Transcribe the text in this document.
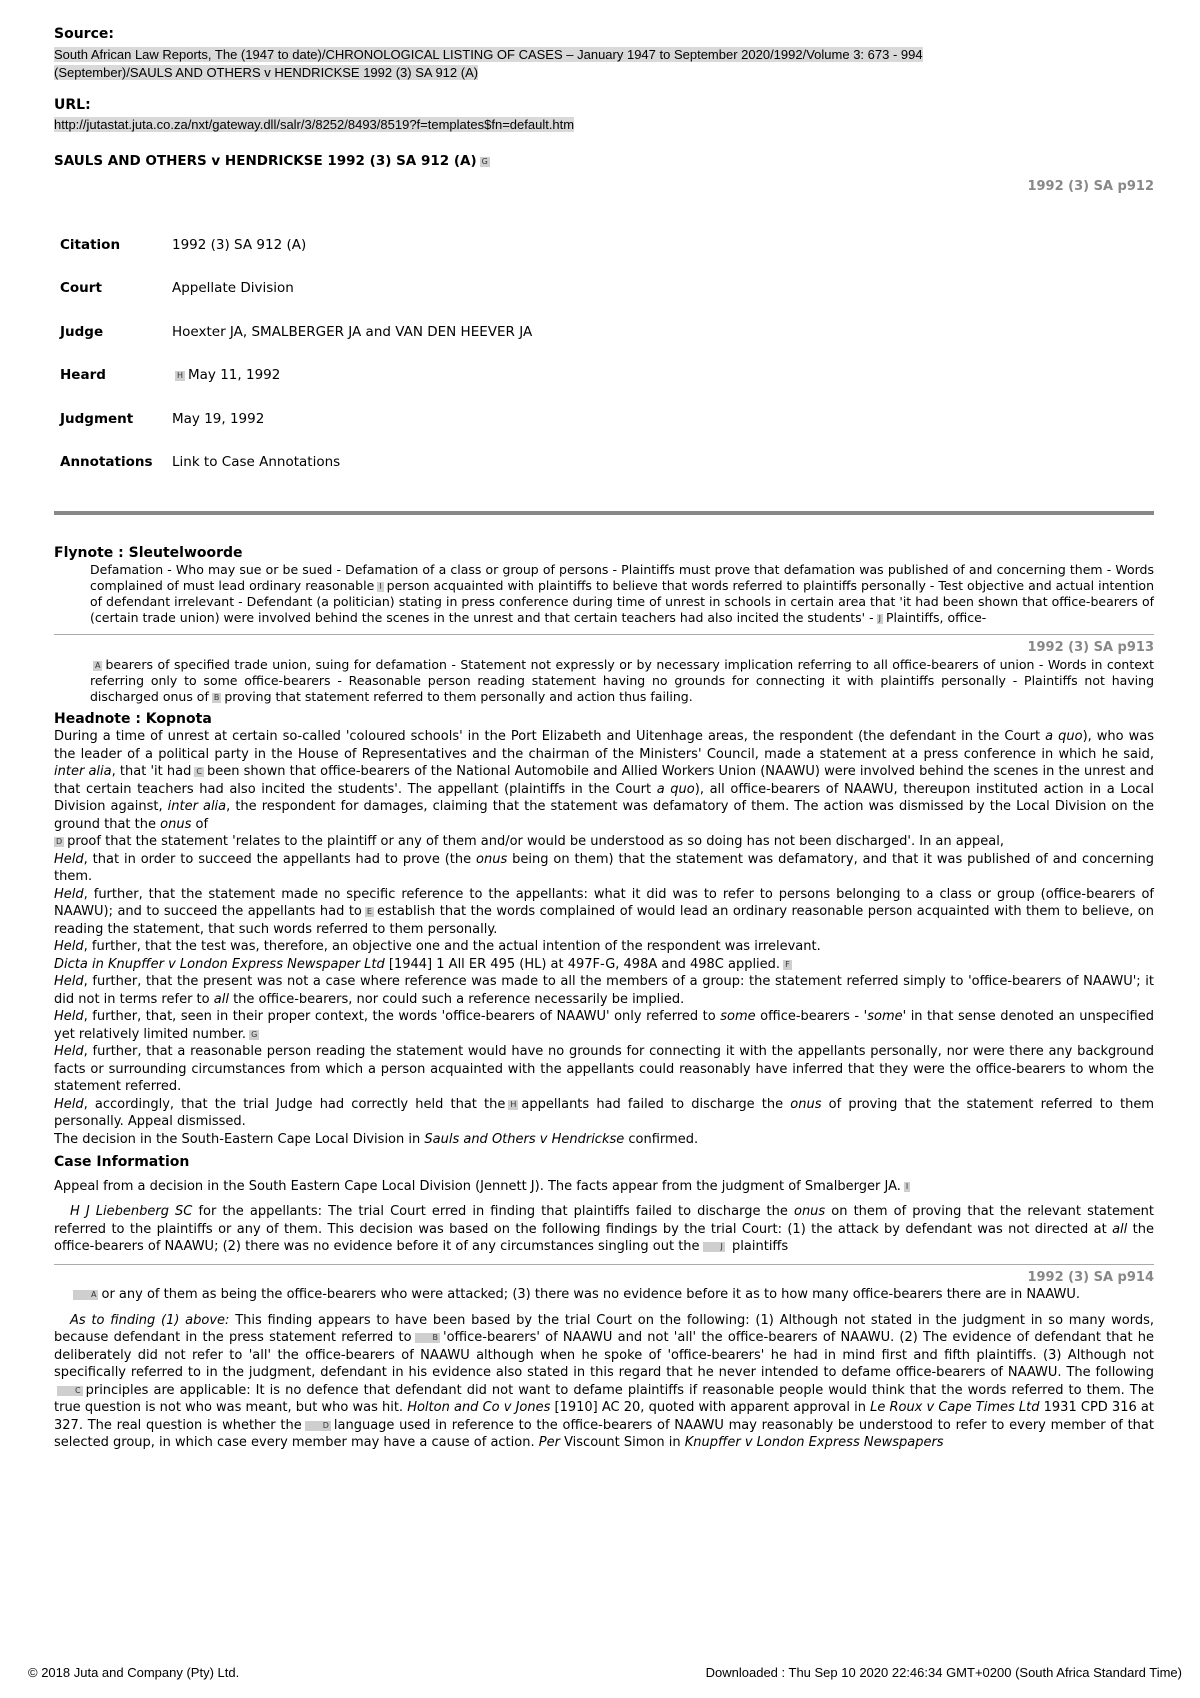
Source:

South African Law Reports, The (1947 to date)/CHRONOLOGICAL LISTING OF CASES – January 1947 to September 2020/1992/Volume 3: 673 - 994
(September)/SAULS AND OTHERS v HENDRICKSE 1992 (3) SA 912 (A)

URL:

http://jutastat.juta.co.za/nxt/gateway.dll/salr/3/8252/8493/8519?f=templates$fn=default.htm
SAULS AND OTHERS v HENDRICKSE 1992 (3) SA 912 (A) G
1992 (3) SA p912
Citation	1992 (3) SA 912 (A)
Court	Appellate Division
Judge	Hoexter JA, SMALBERGER JA and VAN DEN HEEVER JA
Heard	H May 11, 1992
Judgment	May 19, 1992
Annotations	Link to Case Annotations

Flynote : Sleutelwoorde

Defamation - Who may sue or be sued - Defamation of a class or group of persons - Plaintiffs must prove that defamation was published of and concerning them - Words complained of must lead ordinary reasonable I person acquainted with plaintiffs to believe that words referred to plaintiffs personally - Test objective and actual intention of defendant irrelevant - Defendant (a politician) stating in press conference during time of unrest in schools in certain area that 'it had been shown that office-bearers of (certain trade union) were involved behind the scenes in the unrest and that certain teachers had also incited the students' - J Plaintiffs, office-
1992 (3) SA p913
A bearers of specified trade union, suing for defamation - Statement not expressly or by necessary implication referring to all office-bearers of union - Words in context referring only to some office-bearers - Reasonable person reading statement having no grounds for connecting it with plaintiffs personally - Plaintiffs not having discharged onus of B proving that statement referred to them personally and action thus failing.

Headnote : Kopnota

During a time of unrest at certain so-called 'coloured schools' in the Port Elizabeth and Uitenhage areas, the respondent (the defendant in the Court a quo), who was the leader of a political party in the House of Representatives and the chairman of the Ministers' Council, made a statement at a press conference in which he said, inter alia, that 'it had C been shown that office-bearers of the National Automobile and Allied Workers Union (NAAWU) were involved behind the scenes in the unrest and that certain teachers had also incited the students'. The appellant (plaintiffs in the Court a quo), all office-bearers of NAAWU, thereupon instituted action in a Local Division against, inter alia, the respondent for damages, claiming that the statement was defamatory of them. The action was dismissed by the Local Division on the ground that the onus of
D proof that the statement 'relates to the plaintiff or any of them and/or would be understood as so doing has not been discharged'. In an appeal,
Held, that in order to succeed the appellants had to prove (the onus being on them) that the statement was defamatory, and that it was published of and concerning them.
Held, further, that the statement made no specific reference to the appellants: what it did was to refer to persons belonging to a class or group (office-bearers of NAAWU); and to succeed the appellants had to E establish that the words complained of would lead an ordinary reasonable person acquainted with them to believe, on reading the statement, that such words referred to them personally.
Held, further, that the test was, therefore, an objective one and the actual intention of the respondent was irrelevant.
Dicta in Knupffer v London Express Newspaper Ltd [1944] 1 All ER 495 (HL) at 497F-G, 498A and 498C applied. F
Held, further, that the present was not a case where reference was made to all the members of a group: the statement referred simply to 'office-bearers of NAAWU'; it did not in terms refer to all the office-bearers, nor could such a reference necessarily be implied.
Held, further, that, seen in their proper context, the words 'office-bearers of NAAWU' only referred to some office-bearers - 'some' in that sense denoted an unspecified yet relatively limited number. G
Held, further, that a reasonable person reading the statement would have no grounds for connecting it with the appellants personally, nor were there any background facts or surrounding circumstances from which a person acquainted with the appellants could reasonably have inferred that they were the office-bearers to whom the statement referred.
Held, accordingly, that the trial Judge had correctly held that the H appellants had failed to discharge the onus of proving that the statement referred to them personally. Appeal dismissed.
The decision in the South-Eastern Cape Local Division in Sauls and Others v Hendrickse confirmed.

Case Information

Appeal from a decision in the South Eastern Cape Local Division (Jennett J). The facts appear from the judgment of Smalberger JA. I
H J Liebenberg SC for the appellants: The trial Court erred in finding that plaintiffs failed to discharge the onus on them of proving that the relevant statement referred to the plaintiffs or any of them. This decision was based on the following findings by the trial Court: (1) the attack by defendant was not directed at all the office-bearers of NAAWU; (2) there was no evidence before it of any circumstances singling out the	J plaintiffs
1992 (3) SA p914
A or any of them as being the office-bearers who were attacked; (3) there was no evidence before it as to how many office-bearers there are in NAAWU.
As to finding (1) above: This finding appears to have been based by the trial Court on the following: (1) Although not stated in the judgment in so many words, because defendant in the press statement referred to	B 'office-bearers' of NAAWU and not 'all' the office-bearers of NAAWU. (2) The evidence of defendant that he deliberately did not refer to 'all' the office-bearers of NAAWU although when he spoke of 'office-bearers' he had in mind first and fifth plaintiffs. (3) Although not specifically referred to in the judgment, defendant in his evidence also stated in this regard that he never intended to defame office-bearers of NAAWU. The followingC principles are applicable: It is no defence that defendant did not want to defame plaintiffs if reasonable people would think that the words referred to them. The true question is not who was meant, but who was hit. Holton and Co v Jones [1910] AC 20, quoted with apparent approval in Le Roux v Cape Times Ltd 1931 CPD 316 at 327. The real question is whether the	D language used in reference to the office-bearers of NAAWU may reasonably be understood to refer to every member of that selected group, in which case every member may have a cause of action. Per Viscount Simon in Knupffer v London Express Newspapers
© 2018 Juta and Company (Pty) Ltd.	Downloaded : Thu Sep 10 2020 22:46:34 GMT+0200 (South Africa Standard Time)
